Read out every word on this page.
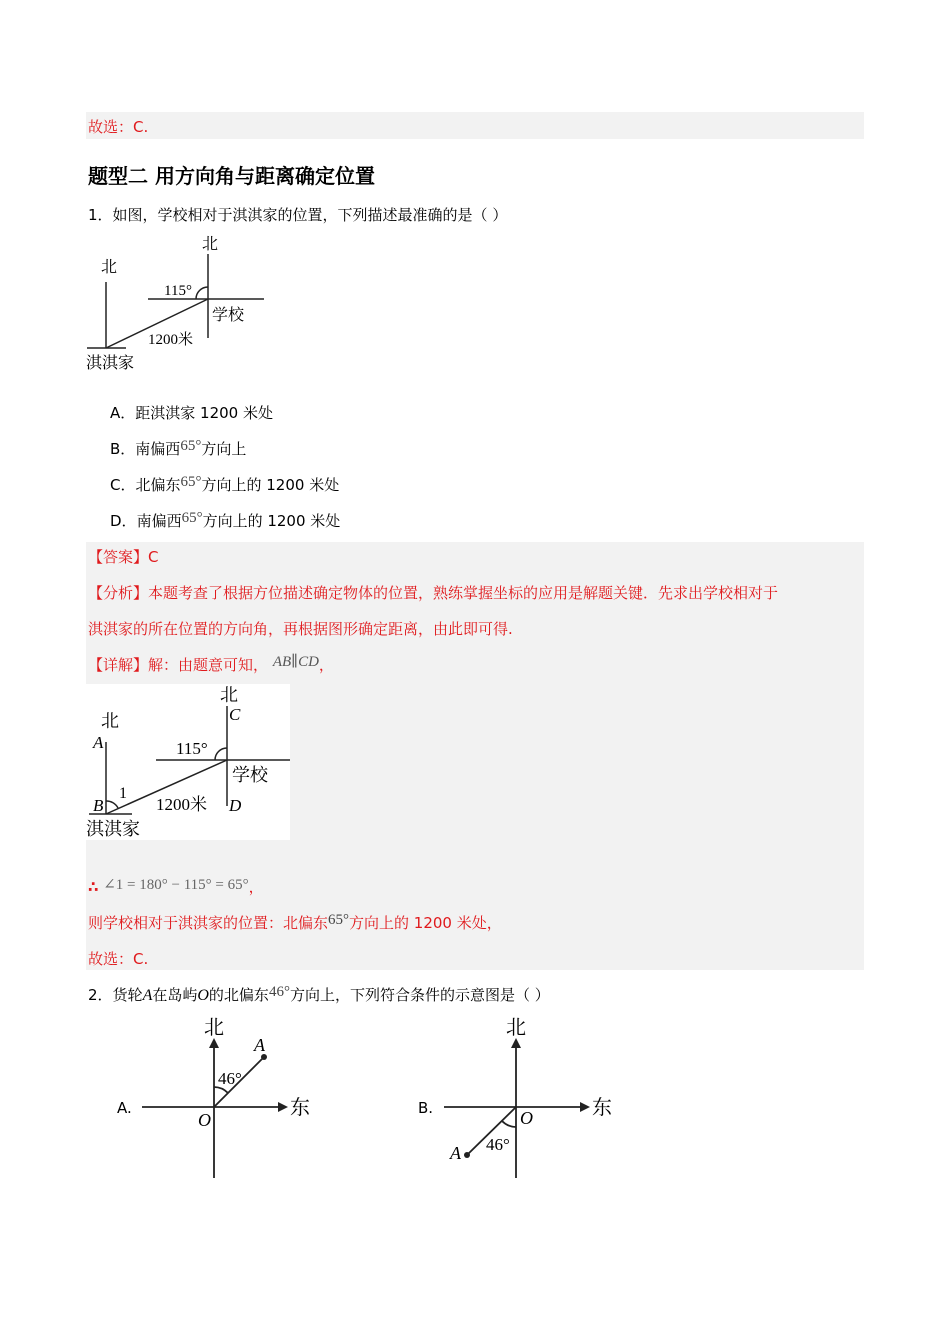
故选：C.
题型二 用方向角与距离确定位置
1．如图，学校相对于淇淇家的位置，下列描述最准确的是（ ）
北
北
115°
学校
1200米
淇淇家
A．距淇淇家 1200 米处
B．南偏西65°方向上
C．北偏东65°方向上的 1200 米处
D．南偏西65°方向上的 1200 米处
【答案】C
【分析】本题考查了根据方位描述确定物体的位置，熟练掌握坐标的应用是解题关键．先求出学校相对于
淇淇家的所在位置的方向角，再根据图形确定距离，由此即可得.
【详解】解：由题意可知， AB∥CD，
北
北
A
C
B	D
1
115°
学校
1200米
淇淇家
∴ ∠1 = 180° − 115° = 65°，
则学校相对于淇淇家的位置：北偏东65°方向上的 1200 米处，
故选：C.
2．货轮A在岛屿O的北偏东46°方向上，下列符合条件的示意图是（ ）
A.
北
A
46°
O
东	B.
北
O
46°
A
东
